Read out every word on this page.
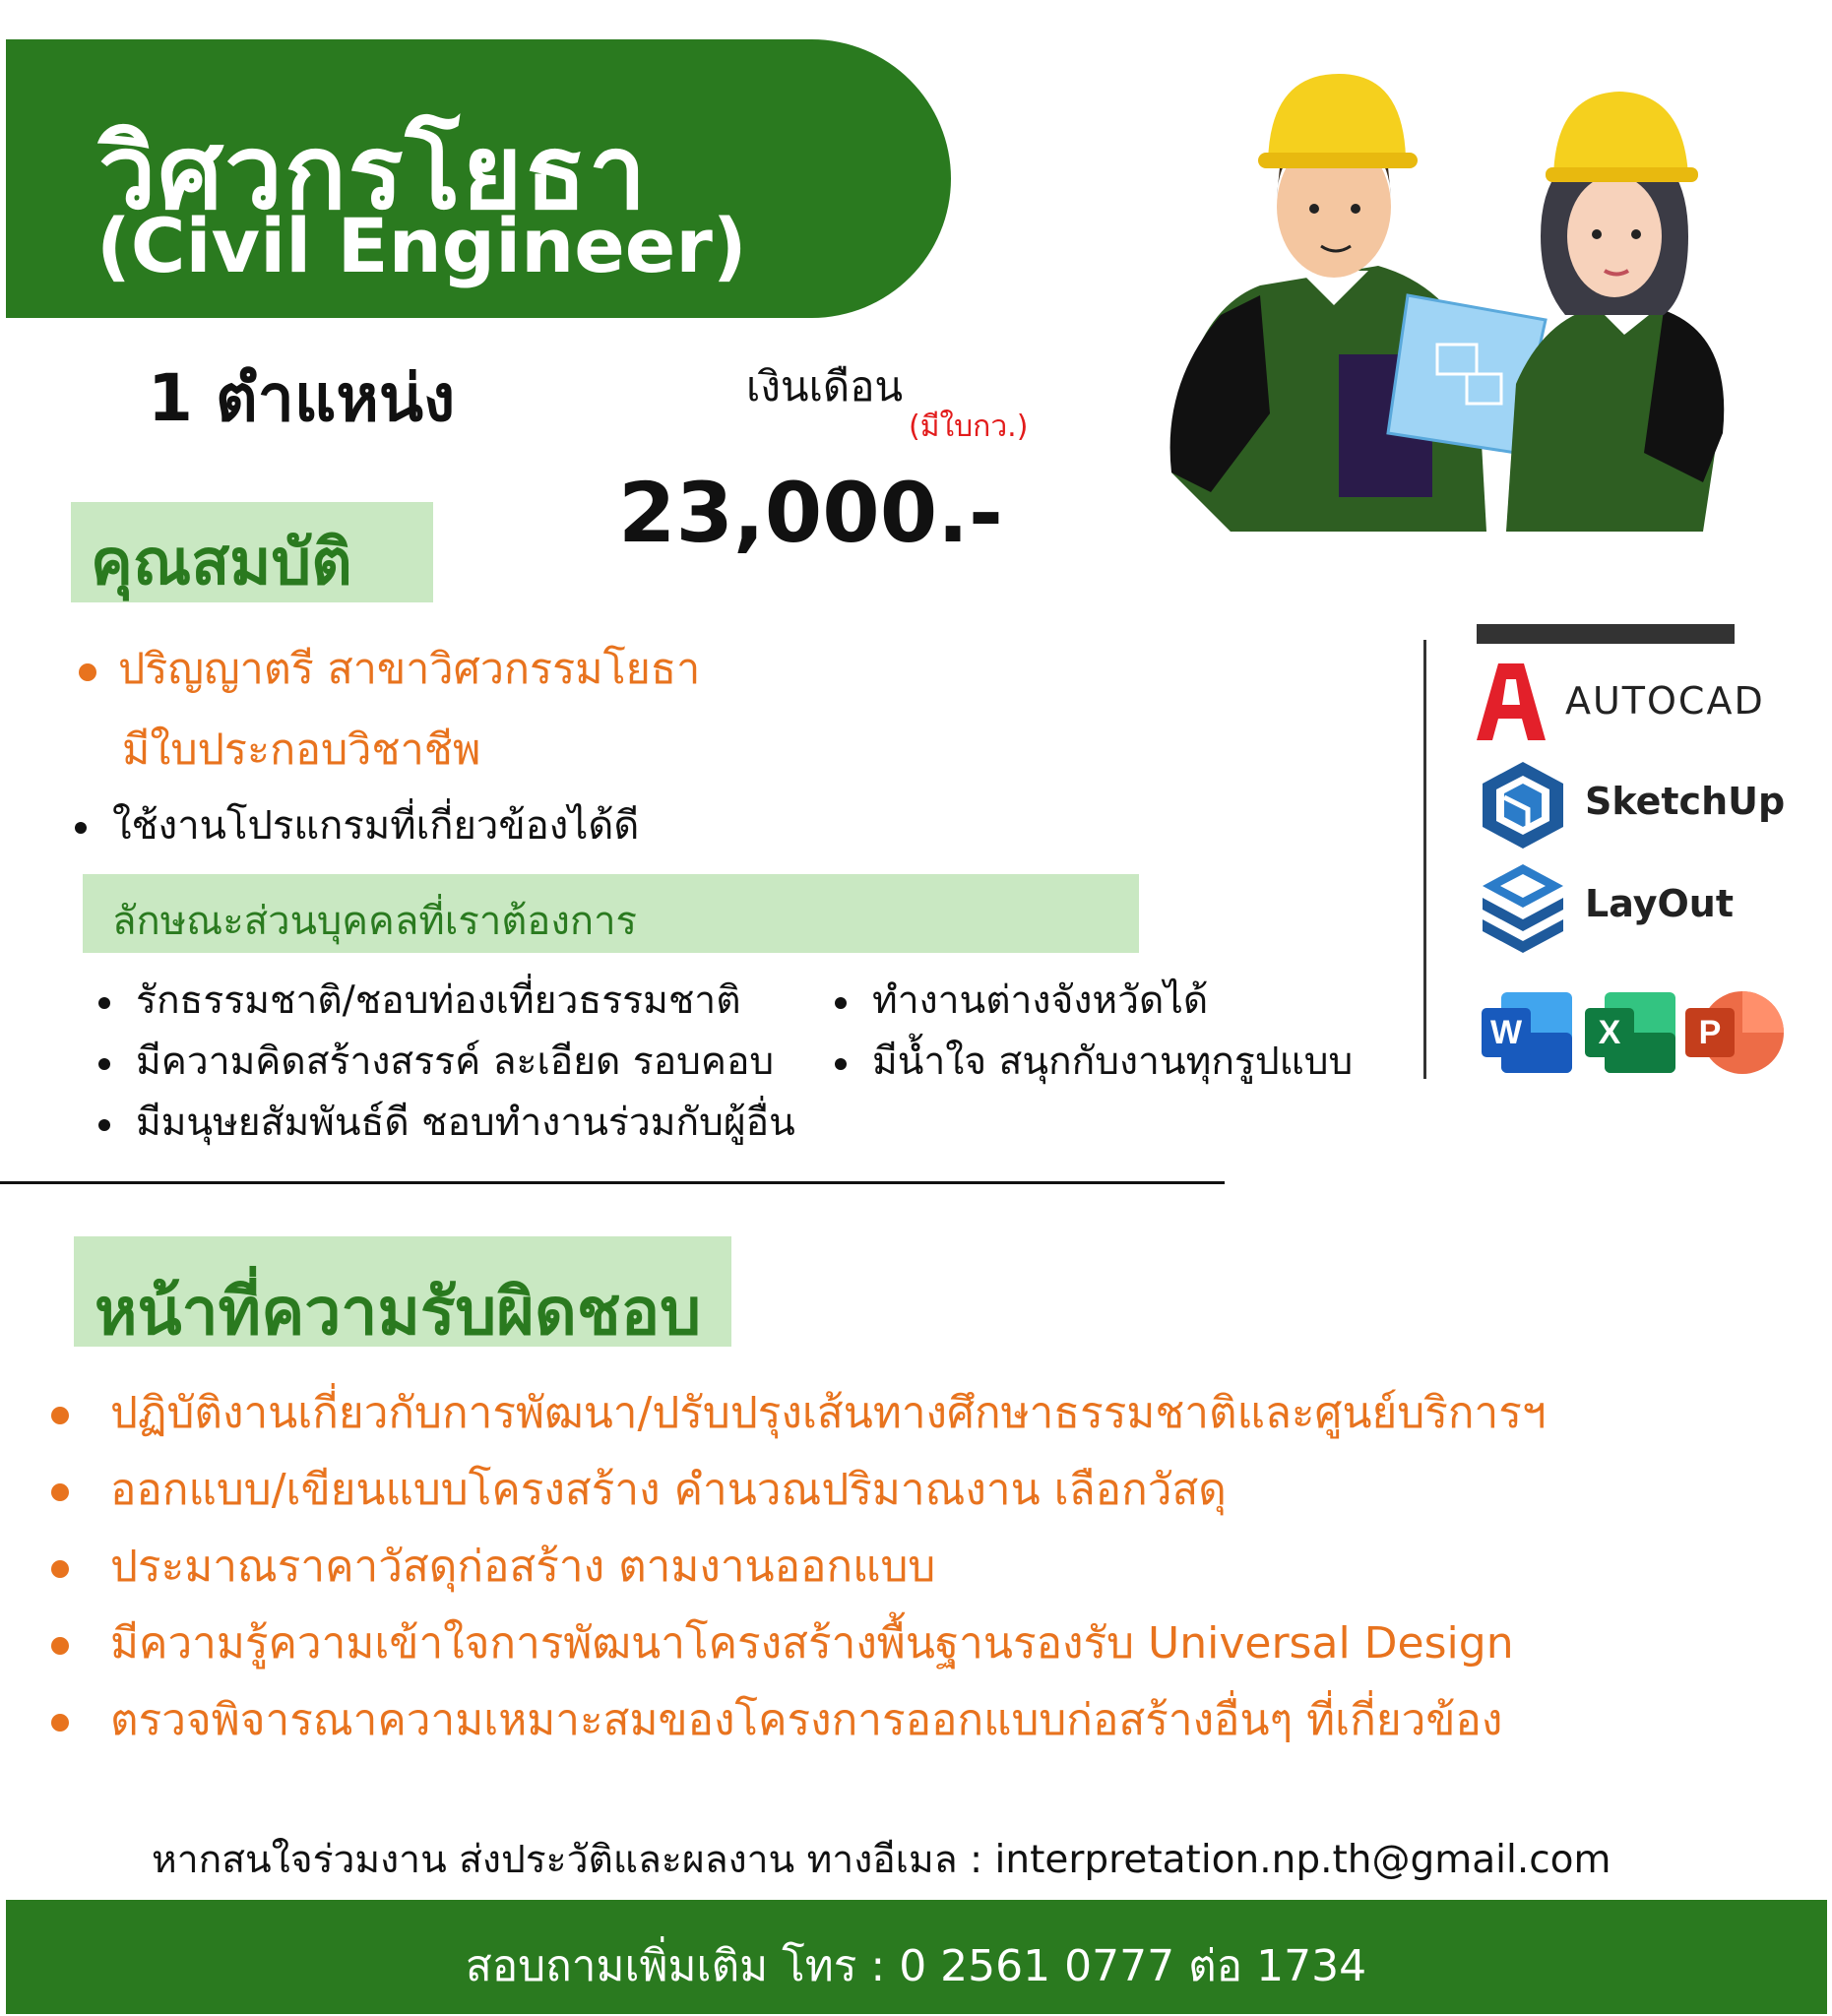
วิศวกรโยธา
(Civil Engineer)
1 ตำแหน่ง	เงินเดือน
(มีใบกว.)
23,000.-
คุณสมบัติ
ปริญญาตรี สาขาวิศวกรรมโยธา
มีใบประกอบวิชาชีพ
ใช้งานโปรแกรมที่เกี่ยวข้องได้ดี
ลักษณะส่วนบุคคลที่เราต้องการ
รักธรรมชาติ/ชอบท่องเที่ยวธรรมชาติ
มีความคิดสร้างสรรค์ ละเอียด รอบคอบ
มีมนุษยสัมพันธ์ดี ชอบทำงานร่วมกับผู้อื่น
ทำงานต่างจังหวัดได้
มีน้ำใจ สนุกกับงานทุกรูปแบบ
AUTOCAD
SketchUp
LayOut
W X P
หน้าที่ความรับผิดชอบ
ปฏิบัติงานเกี่ยวกับการพัฒนา/ปรับปรุงเส้นทางศึกษาธรรมชาติและศูนย์บริการฯ
ออกแบบ/เขียนแบบโครงสร้าง คำนวณปริมาณงาน เลือกวัสดุ
ประมาณราคาวัสดุก่อสร้าง ตามงานออกแบบ
มีความรู้ความเข้าใจการพัฒนาโครงสร้างพื้นฐานรองรับ Universal Design
ตรวจพิจารณาความเหมาะสมของโครงการออกแบบก่อสร้างอื่นๆ ที่เกี่ยวข้อง
หากสนใจร่วมงาน ส่งประวัติและผลงาน ทางอีเมล : interpretation.np.th@gmail.com
สอบถามเพิ่มเติม โทร : 0 2561 0777 ต่อ 1734
